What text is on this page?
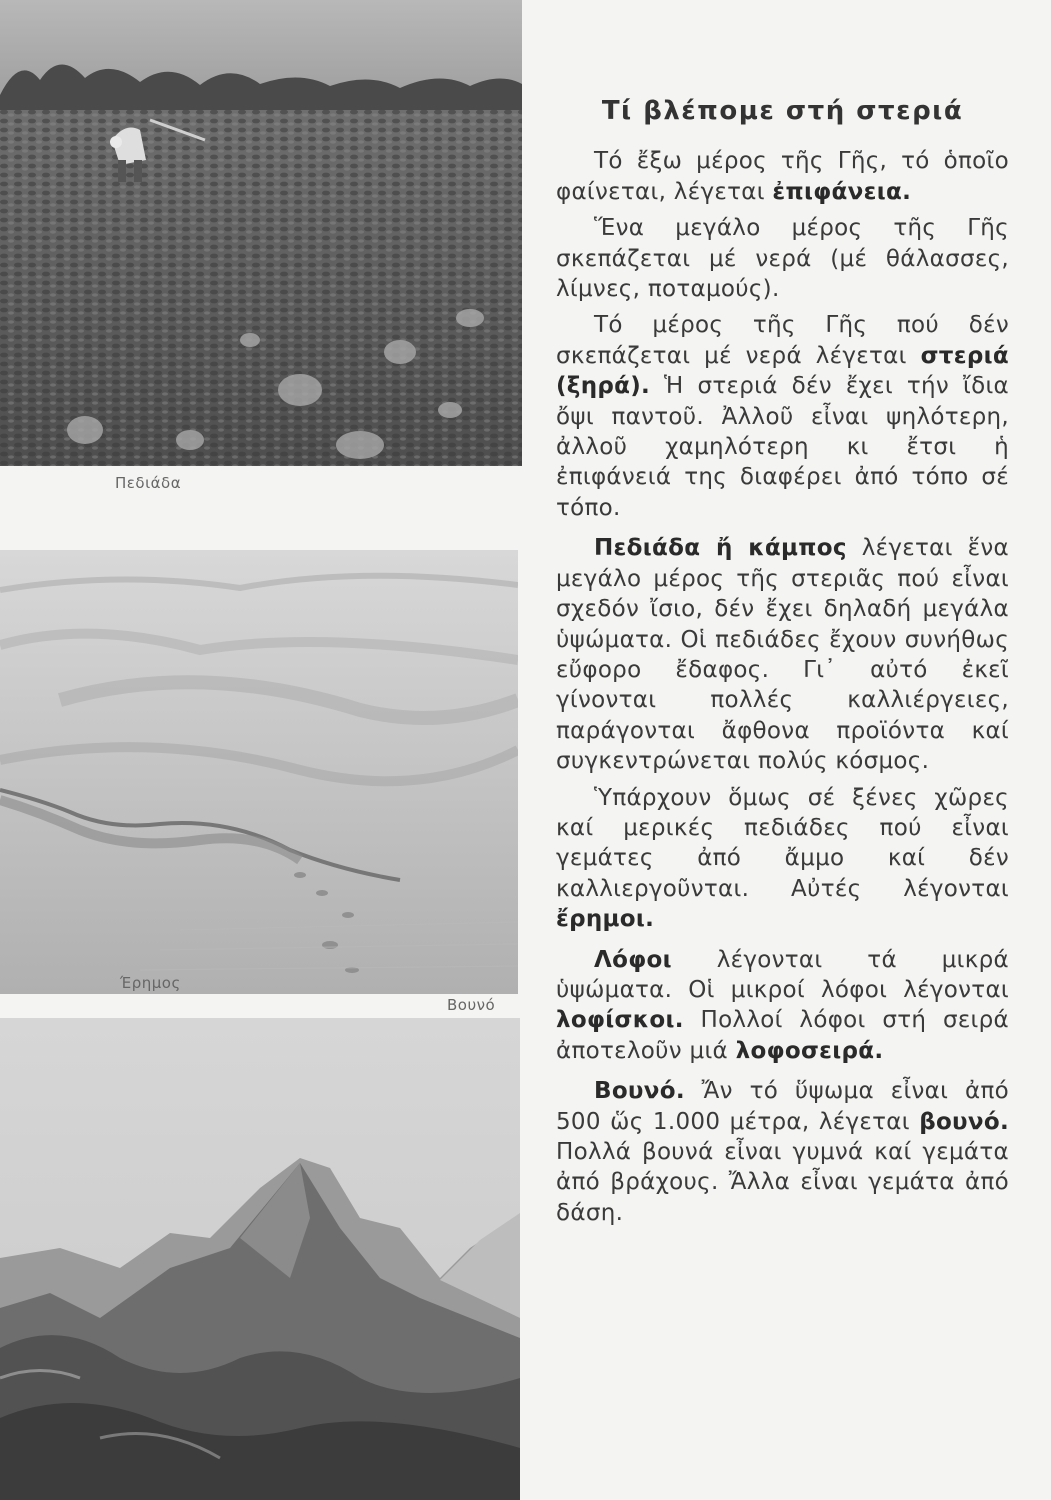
Πεδιάδα
Έρημος
Βουνό
Τί βλέπομε στή στεριά

Τό ἔξω μέρος τῆς Γῆς, τό ὁποῖο φαίνεται, λέγεται ἐπιφάνεια.

Ἕνα μεγάλο μέρος τῆς Γῆς σκεπάζεται μέ νερά (μέ θάλασσες, λίμνες, ποταμούς).

Τό μέρος τῆς Γῆς πού δέν σκεπάζεται μέ νερά λέγεται στεριά (ξηρά). Ἡ στεριά δέν ἔχει τήν ἴδια ὄψι παντοῦ. Ἀλλοῦ εἶναι ψηλότερη, ἀλλοῦ χαμηλότερη κι ἔτσι ἡ ἐπιφάνειά της διαφέρει ἀπό τόπο σέ τόπο.

Πεδιάδα ἤ κάμπος λέγεται ἕνα μεγάλο μέρος τῆς στεριᾶς πού εἶναι σχεδόν ἴσιο, δέν ἔχει δηλαδή μεγάλα ὑψώματα. Οἱ πεδιάδες ἔχουν συνήθως εὔφορο ἔδαφος. Γι᾽ αὐτό ἐκεῖ γίνονται πολλές καλλιέργειες, παράγονται ἄφθονα προϊόντα καί συγκεντρώνεται πολύς κόσμος.

Ὑπάρχουν ὅμως σέ ξένες χῶρες καί μερικές πεδιάδες πού εἶναι γεμάτες ἀπό ἄμμο καί δέν καλλιεργοῦνται. Αὐτές λέγονται ἔρημοι.

Λόφοι λέγονται τά μικρά ὑψώματα. Οἱ μικροί λόφοι λέγονται λοφίσκοι. Πολλοί λόφοι στή σειρά ἀποτελοῦν μιά λοφοσειρά.

Βουνό. Ἄν τό ὕψωμα εἶναι ἀπό 500 ὥς 1.000 μέτρα, λέγεται βουνό. Πολλά βουνά εἶναι γυμνά καί γεμάτα ἀπό βράχους. Ἄλλα εἶναι γεμάτα ἀπό δάση.
